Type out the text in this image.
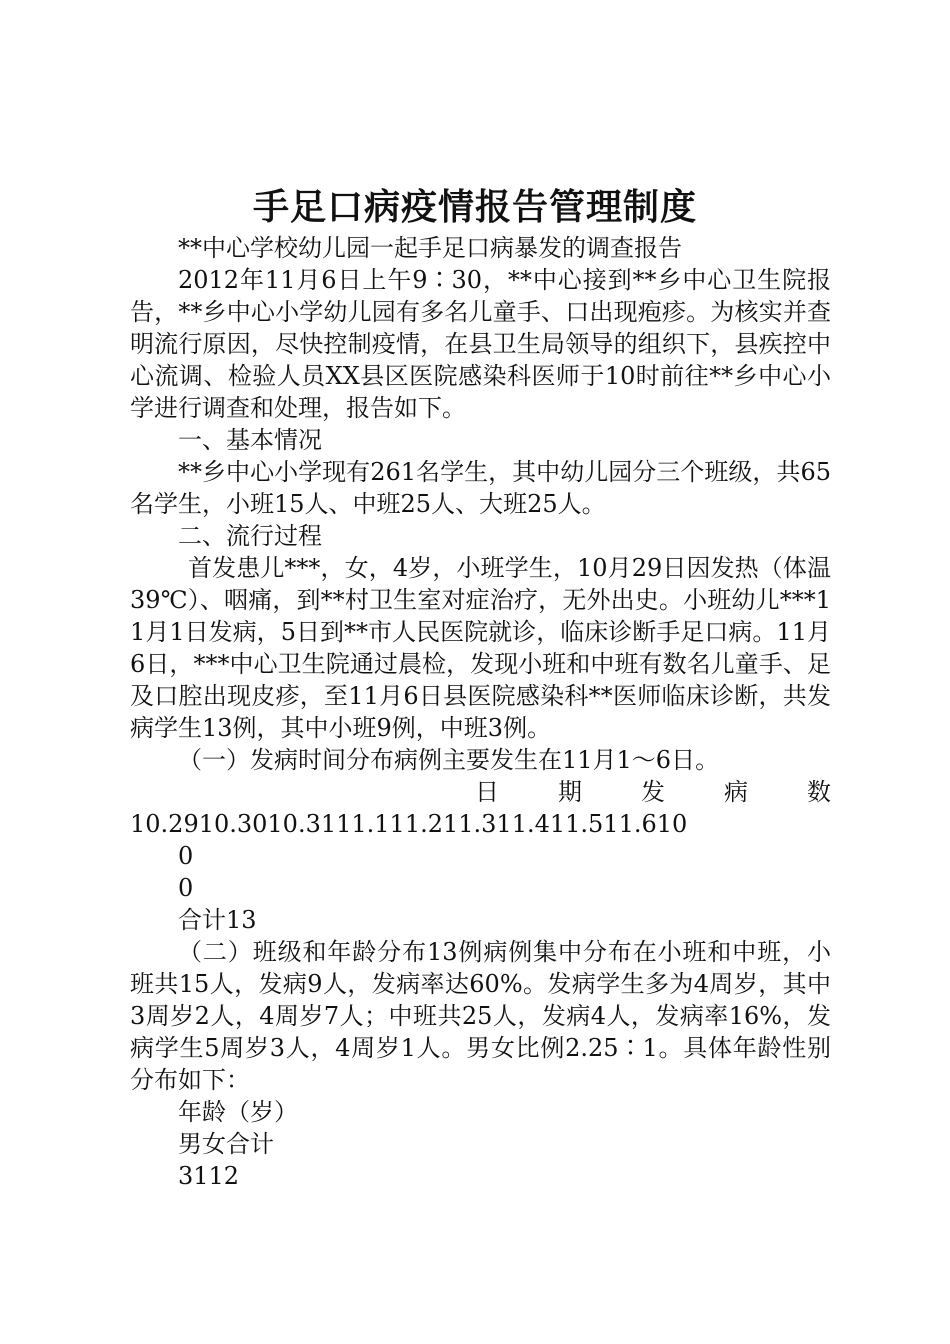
手足口病疫情报告管理制度

**中心学校幼儿园一起手足口病暴发的调查报告

2012年11月6日上午9∶30，**中心接到**乡中心卫生院报告，**乡中心小学幼儿园有多名儿童手、口出现疱疹。为核实并查明流行原因，尽快控制疫情，在县卫生局领导的组织下，县疾控中心流调、检验人员XX县区医院感染科医师于10时前往**乡中心小学进行调查和处理，报告如下。

一、基本情况

**乡中心小学现有261名学生，其中幼儿园分三个班级，共65名学生，小班15人、中班25人、大班25人。

二、流行过程

首发患儿***，女，4岁，小班学生，10月29日因发热（体温39℃）、咽痛，到**村卫生室对症治疗，无外出史。小班幼儿***11月1日发病，5日到**市人民医院就诊，临床诊断手足口病。11月6日，***中心卫生院通过晨检，发现小班和中班有数名儿童手、足及口腔出现皮疹，至11月6日县医院感染科**医师临床诊断，共发病学生13例，其中小班9例，中班3例。

（一）发病时间分布病例主要发生在11月1～6日。

日 期 发 病 数

10.2910.3010.3111.111.211.311.411.511.610

0

0

合计13

（二）班级和年龄分布13例病例集中分布在小班和中班，小班共15人，发病9人，发病率达60%。发病学生多为4周岁，其中3周岁2人，4周岁7人；中班共25人，发病4人，发病率16%，发病学生5周岁3人，4周岁1人。男女比例2.25∶1。具体年龄性别分布如下：

年龄（岁）

男女合计

3112
